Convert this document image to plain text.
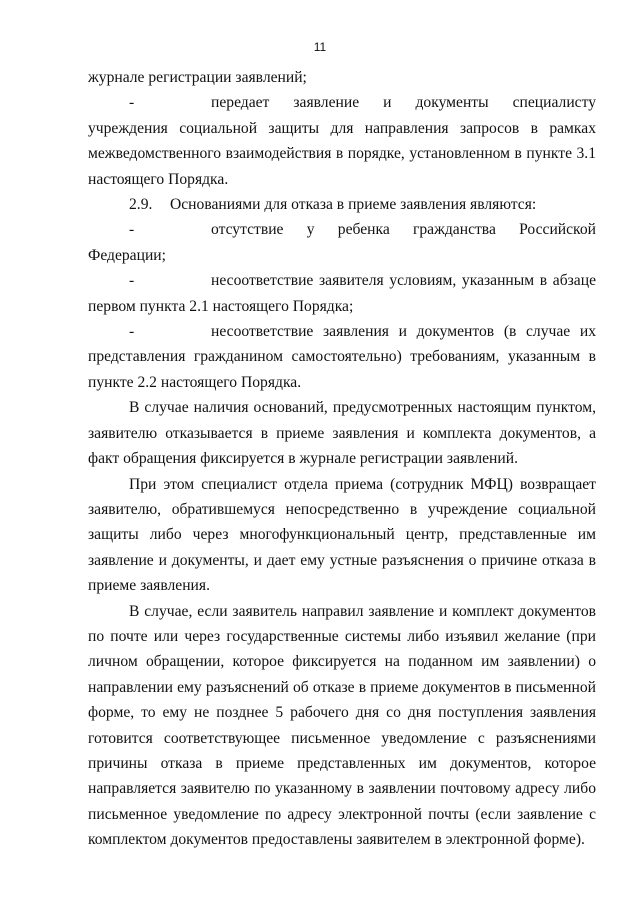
11

журнале регистрации заявлений;

-	передает заявление и документы специалисту учреждения социальной защиты для направления запросов в рамках межведомственного взаимодействия в порядке, установленном в пункте 3.1 настоящего Порядка.

2.9. Основаниями для отказа в приеме заявления являются:

-	отсутствие у ребенка гражданства Российской Федерации;

-	несоответствие заявителя условиям, указанным в абзаце первом пункта 2.1 настоящего Порядка;

-	несоответствие заявления и документов (в случае их представления гражданином самостоятельно) требованиям, указанным в пункте 2.2 настоящего Порядка.

В случае наличия оснований, предусмотренных настоящим пунктом, заявителю отказывается в приеме заявления и комплекта документов, а факт обращения фиксируется в журнале регистрации заявлений.

При этом специалист отдела приема (сотрудник МФЦ) возвращает заявителю, обратившемуся непосредственно в учреждение социальной защиты либо через многофункциональный центр, представленные им заявление и документы, и дает ему устные разъяснения о причине отказа в приеме заявления.

В случае, если заявитель направил заявление и комплект документов по почте или через государственные системы либо изъявил желание (при личном обращении, которое фиксируется на поданном им заявлении) о направлении ему разъяснений об отказе в приеме документов в письменной форме, то ему не позднее 5 рабочего дня со дня поступления заявления готовится соответствующее письменное уведомление с разъяснениями причины отказа в приеме представленных им документов, которое направляется заявителю по указанному в заявлении почтовому адресу либо письменное уведомление по адресу электронной почты (если заявление с комплектом документов предоставлены заявителем в электронной форме).
